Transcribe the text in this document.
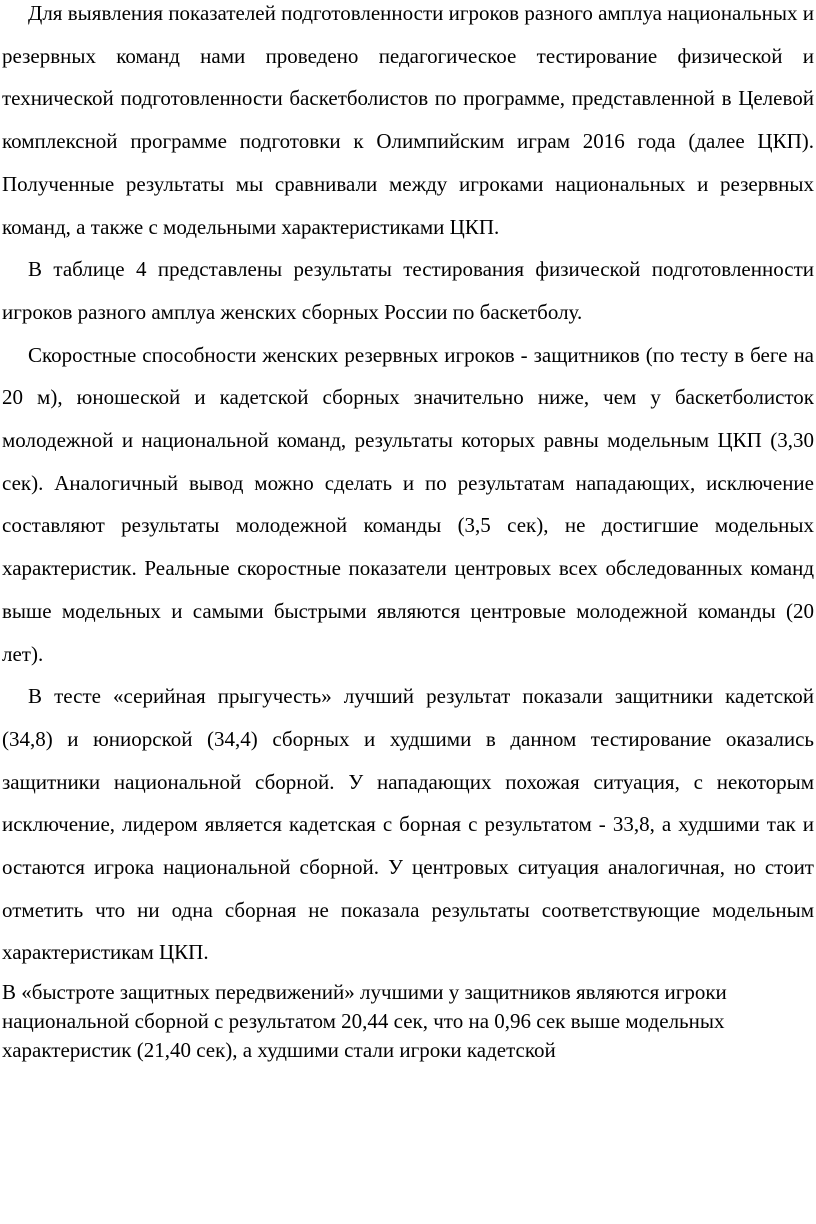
Для выявления показателей подготовленности игроков разного амплуа национальных и резервных команд нами проведено педагогическое тестирование физической и технической подготовленности баскетболистов по программе, представленной в Целевой комплексной программе подготовки к Олимпийским играм 2016 года (далее ЦКП). Полученные результаты мы сравнивали между игроками национальных и резервных команд, а также с модельными характеристиками ЦКП.

В таблице 4 представлены результаты тестирования физической подготовленности игроков разного амплуа женских сборных России по баскетболу.

Скоростные способности женских резервных игроков - защитников (по тесту в беге на 20 м), юношеской и кадетской сборных значительно ниже, чем у баскетболисток молодежной и национальной команд, результаты которых равны модельным ЦКП (3,30 сек). Аналогичный вывод можно сделать и по результатам нападающих, исключение составляют результаты молодежной команды (3,5 сек), не достигшие модельных характеристик. Реальные скоростные показатели центровых всех обследованных команд выше модельных и самыми быстрыми являются центровые молодежной команды (20 лет).

В тесте «серийная прыгучесть» лучший результат показали защитники кадетской (34,8) и юниорской (34,4) сборных и худшими в данном тестирование оказались защитники национальной сборной. У нападающих похожая ситуация, с некоторым исключение, лидером является кадетская с борная с результатом - 33,8, а худшими так и остаются игрока национальной сборной. У центровых ситуация аналогичная, но стоит отметить что ни одна сборная не показала результаты соответствующие модельным характеристикам ЦКП.

В «быстроте защитных передвижений» лучшими у защитников являются игроки национальной сборной с результатом 20,44 сек, что на 0,96 сек выше модельных характеристик (21,40 сек), а худшими стали игроки кадетской
